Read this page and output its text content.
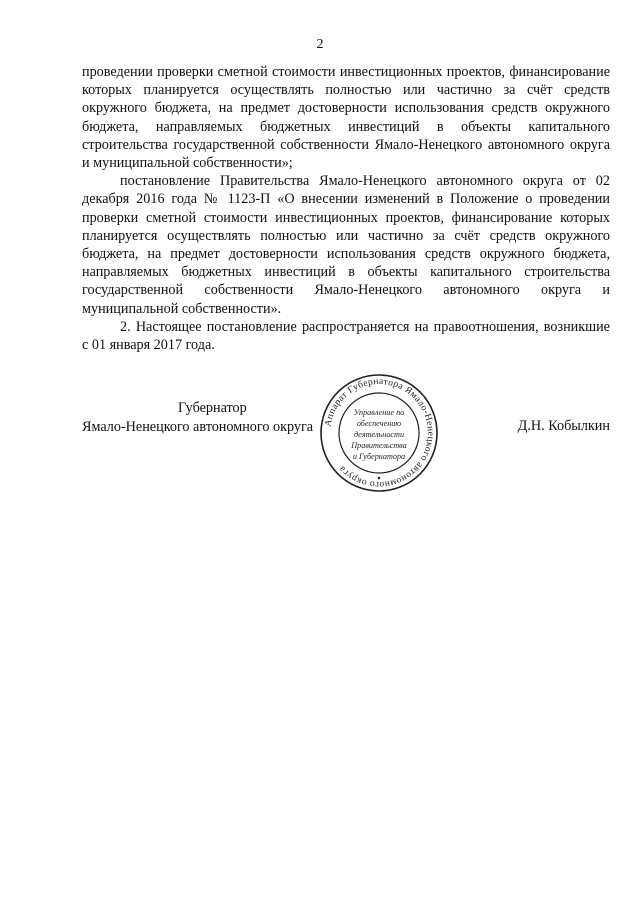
2

проведении проверки сметной стоимости инвестиционных проектов, финансирование которых планируется осуществлять полностью или частично за счёт средств окружного бюджета, на предмет достоверности использования средств окружного бюджета, направляемых бюджетных инвестиций в объекты капитального строительства государственной собственности Ямало-Ненецкого автономного округа и муниципальной собственности»;

постановление Правительства Ямало-Ненецкого автономного округа от 02 декабря 2016 года № 1123-П «О внесении изменений в Положение о проведении проверки сметной стоимости инвестиционных проектов, финансирование которых планируется осуществлять полностью или частично за счёт средств окружного бюджета, на предмет достоверности использования средств окружного бюджета, направляемых бюджетных инвестиций в объекты капитального строительства государственной собственности Ямало-Ненецкого автономного округа и муниципальной собственности».

2. Настоящее постановление распространяется на правоотношения, возникшие с 01 января 2017 года.

Губернатор
Ямало-Ненецкого автономного округа	Д.Н. Кобылкин
Аппарат Губернатора Ямало-Ненецкого автономного округа
Управление по
обеспечению
деятельности
Правительства
и Губернатора
